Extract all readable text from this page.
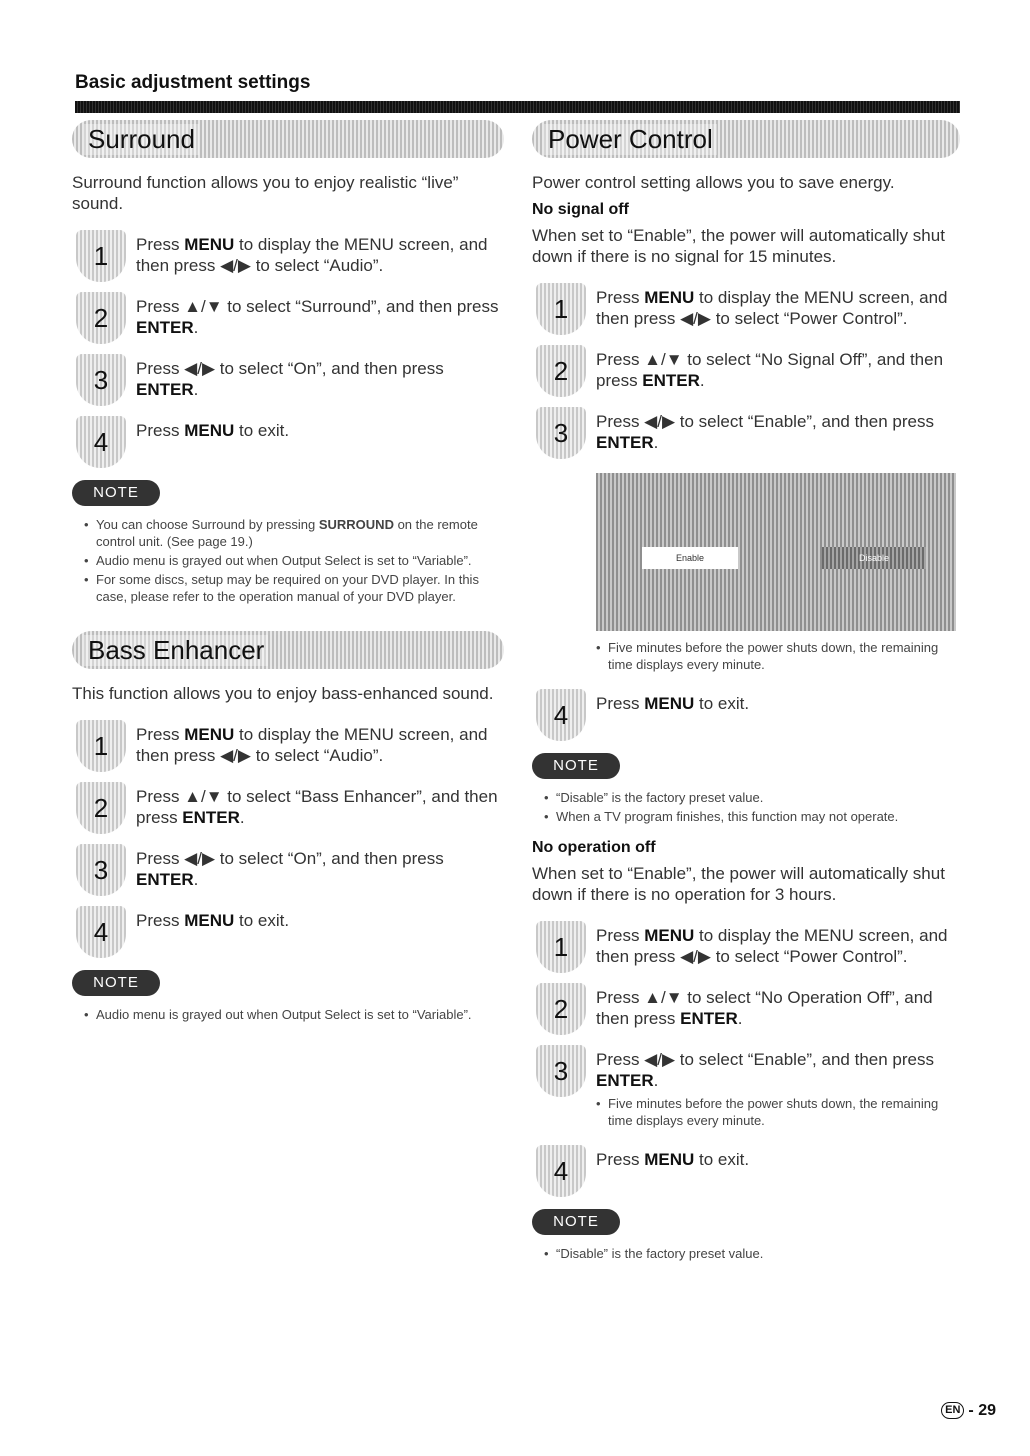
Basic adjustment settings
Surround

Surround function allows you to enjoy realistic “live” sound.

1	Press MENU to display the MENU screen, and then press ◀/▶ to select “Audio”.
2	Press ▲/▼ to select “Surround”, and then press ENTER.
3	Press ◀/▶ to select “On”, and then press ENTER.
4	Press MENU to exit.
NOTE
• You can choose Surround by pressing SURROUND on the remote control unit. (See page 19.)
• Audio menu is grayed out when Output Select is set to “Variable”.
• For some discs, setup may be required on your DVD player. In this case, please refer to the operation manual of your DVD player.
Bass Enhancer

This function allows you to enjoy bass-enhanced sound.

1	Press MENU to display the MENU screen, and then press ◀/▶ to select “Audio”.
2	Press ▲/▼ to select “Bass Enhancer”, and then press ENTER.
3	Press ◀/▶ to select “On”, and then press ENTER.
4	Press MENU to exit.
NOTE
• Audio menu is grayed out when Output Select is set to “Variable”.
Power Control

Power control setting allows you to save energy.

No signal off

When set to “Enable”, the power will automatically shut down if there is no signal for 15 minutes.

1	Press MENU to display the MENU screen, and then press ◀/▶ to select “Power Control”.
2	Press ▲/▼ to select “No Signal Off”, and then press ENTER.
3	Press ◀/▶ to select “Enable”, and then press ENTER.
Enable	Disable
• Five minutes before the power shuts down, the remaining time displays every minute.
4	Press MENU to exit.
NOTE
• “Disable” is the factory preset value.
• When a TV program finishes, this function may not operate.
No operation off

When set to “Enable”, the power will automatically shut down if there is no operation for 3 hours.

1	Press MENU to display the MENU screen, and then press ◀/▶ to select “Power Control”.
2	Press ▲/▼ to select “No Operation Off”, and then press ENTER.
3	Press ◀/▶ to select “Enable”, and then press ENTER.
• Five minutes before the power shuts down, the remaining time displays every minute.
4	Press MENU to exit.
NOTE
• “Disable” is the factory preset value.
EN - 29
